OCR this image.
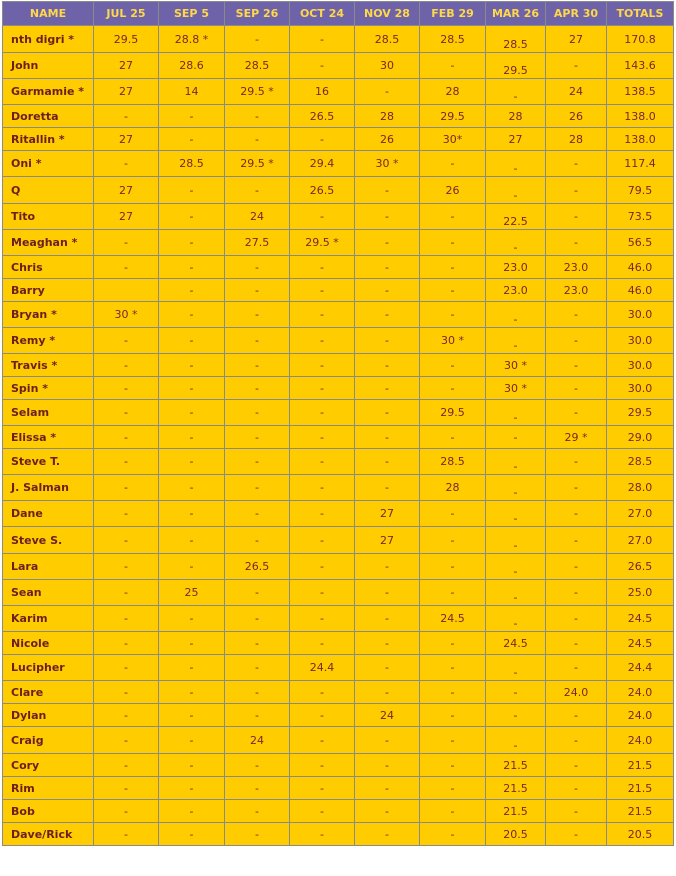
NAME	JUL 25	SEP 5	SEP 26	OCT 24	NOV 28	FEB 29	MAR 26	APR 30	TOTALS
nth digri *	29.5	28.8 *	-	-	28.5	28.5	28.5	27	170.8
John	27	28.6	28.5	-	30	-	29.5	-	143.6
Garmamie *	27	14	29.5 *	16	-	28	-	24	138.5
Doretta	-	-	-	26.5	28	29.5	28	26	138.0
Ritallin *	27	-	-	-	26	30*	27	28	138.0
Oni *	-	28.5	29.5 *	29.4	30 *	-	-	-	117.4
Q	27	-	-	26.5	-	26	-	-	79.5
Tito	27	-	24	-	-	-	22.5	-	73.5
Meaghan *	-	-	27.5	29.5 *	-	-	-	-	56.5
Chris	-	-	-	-	-	-	23.0	23.0	46.0
Barry		-	-	-	-	-	23.0	23.0	46.0
Bryan *	30 *	-	-	-	-	-	-	-	30.0
Remy *	-	-	-	-	-	30 *	-	-	30.0
Travis *	-	-	-	-	-	-	30 *	-	30.0
Spin *	-	-	-	-	-	-	30 *	-	30.0
Selam	-	-	-	-	-	29.5	-	-	29.5
Elissa *	-	-	-	-	-	-	-	29 *	29.0
Steve T.	-	-	-	-	-	28.5	-	-	28.5
J. Salman	-	-	-	-	-	28	-	-	28.0
Dane	-	-	-	-	27	-	-	-	27.0
Steve S.	-	-	-	-	27	-	-	-	27.0
Lara	-	-	26.5	-	-	-	-	-	26.5
Sean	-	25	-	-	-	-	-	-	25.0
Karim	-	-	-	-	-	24.5	-	-	24.5
Nicole	-	-	-	-	-	-	24.5	-	24.5
Lucipher	-	-	-	24.4	-	-	-	-	24.4
Clare	-	-	-	-	-	-	-	24.0	24.0
Dylan	-	-	-	-	24	-	-	-	24.0
Craig	-	-	24	-	-	-	-	-	24.0
Cory	-	-	-	-	-	-	21.5	-	21.5
Rim	-	-	-	-	-	-	21.5	-	21.5
Bob	-	-	-	-	-	-	21.5	-	21.5
Dave/Rick	-	-	-	-	-	-	20.5	-	20.5
